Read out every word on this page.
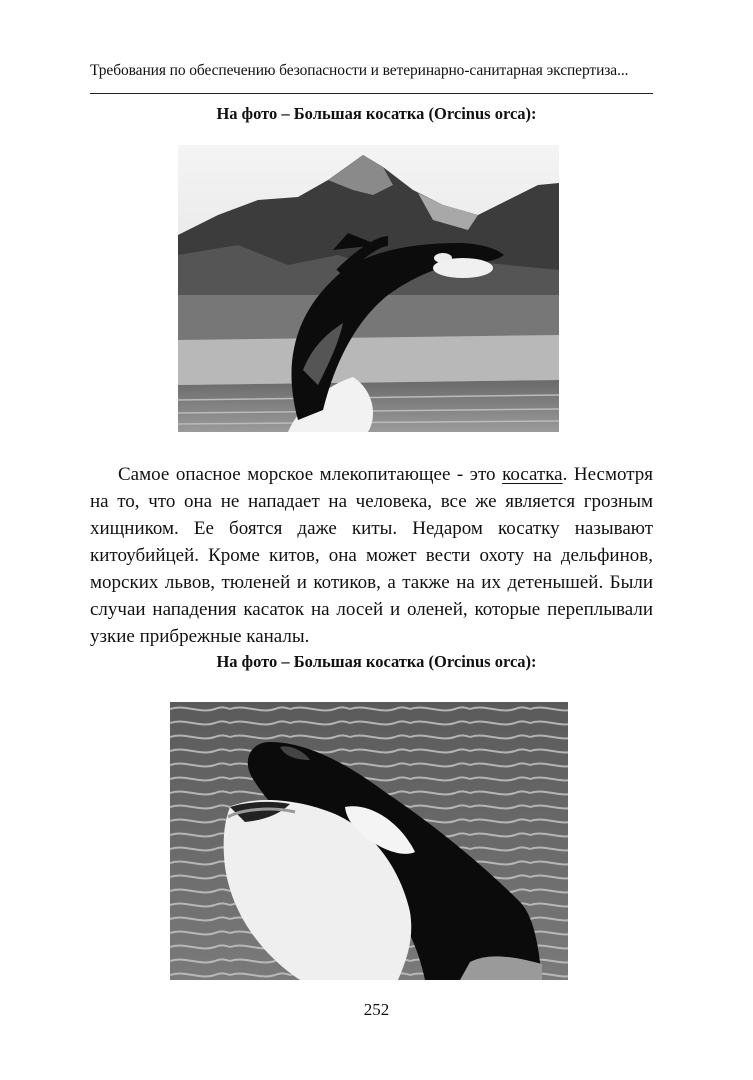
Требования по обеспечению безопасности и ветеринарно-санитарная экспертиза...
На фото – Большая косатка (Orcinus orca):
Самое опасное морское млекопитающее - это косатка. Несмотря на то, что она не нападает на человека, все же является грозным хищником. Ее боятся даже киты. Недаром косатку называют китоубийцей. Кроме китов, она может вести охоту на дельфинов, морских львов, тюленей и котиков, а также на их детенышей. Были случаи нападения касаток на лосей и оленей, которые переплывали узкие прибрежные каналы.
На фото – Большая косатка (Orcinus orca):
252
